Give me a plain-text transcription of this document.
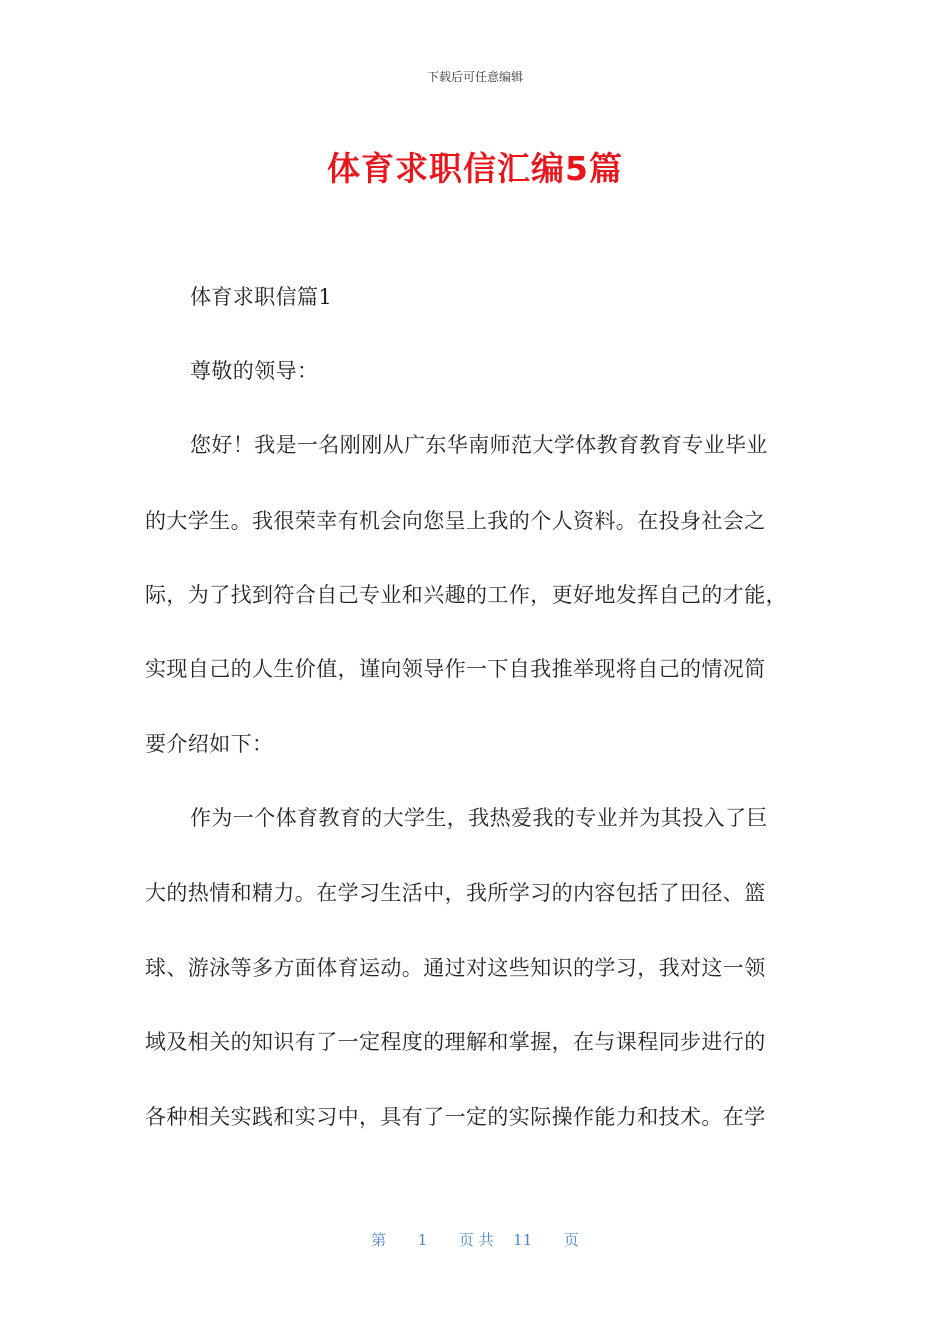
下载后可任意编辑
体育求职信汇编5篇
体育求职信篇1
尊敬的领导：
您好！我是一名刚刚从广东华南师范大学体教育教育专业毕业
的大学生。我很荣幸有机会向您呈上我的个人资料。在投身社会之
际，为了找到符合自己专业和兴趣的工作，更好地发挥自己的才能，
实现自己的人生价值，谨向领导作一下自我推举现将自己的情况简
要介绍如下：
作为一个体育教育的大学生，我热爱我的专业并为其投入了巨
大的热情和精力。在学习生活中，我所学习的内容包括了田径、篮
球、游泳等多方面体育运动。通过对这些知识的学习，我对这一领
域及相关的知识有了一定程度的理解和掌握，在与课程同步进行的
各种相关实践和实习中，具有了一定的实际操作能力和技术。在学
第 1 页 共 11 页
